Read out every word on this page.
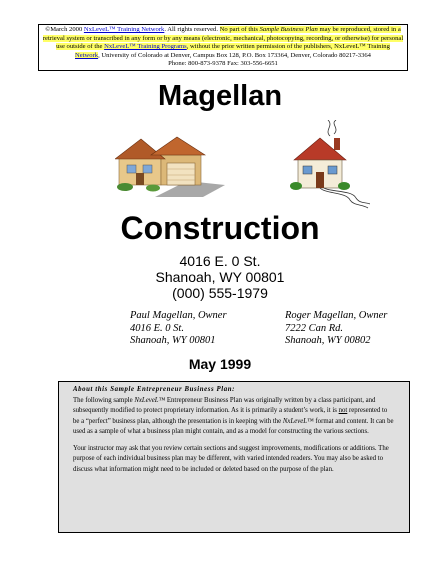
©March 2000 NxLeveL™ Training Network. All rights reserved. No part of this Sample Business Plan may be reproduced, stored in a retrieval system or transcribed in any form or by any means (electronic, mechanical, photocopying, recording, or otherwise) for personal use outside of the NxLeveL™ Training Programs, without the prior written permission of the publishers, NxLeveL™ Training
Network, University of Colorado at Denver, Campus Box 128, P.O. Box 173364, Denver, Colorado 80217-3364
Phone: 800-873-9378 Fax: 303-556-6651
Magellan
Construction
4016 E. 0 St.
Shanoah, WY 00801
(000) 555-1979
Paul Magellan, Owner
4016 E. 0 St.
Shanoah, WY 00801
Roger Magellan, Owner
7222 Can Rd.
Shanoah, WY 00802
May 1999
About this Sample Entrepreneur Business Plan:

The following sample NxLeveL™ Entrepreneur Business Plan was originally written by a class participant, and subsequently modified to protect proprietary information. As it is primarily a student’s work, it is not represented to be a “perfect” business plan, although the presentation is in keeping with the NxLeveL™ format and content. It can be used as a sample of what a business plan might contain, and as a model for constructing the various sections.

Your instructor may ask that you review certain sections and suggest improvements, modifications or additions. The purpose of each individual business plan may be different, with varied intended readers. You may also be asked to discuss what information might need to be included or deleted based on the purpose of the plan.
